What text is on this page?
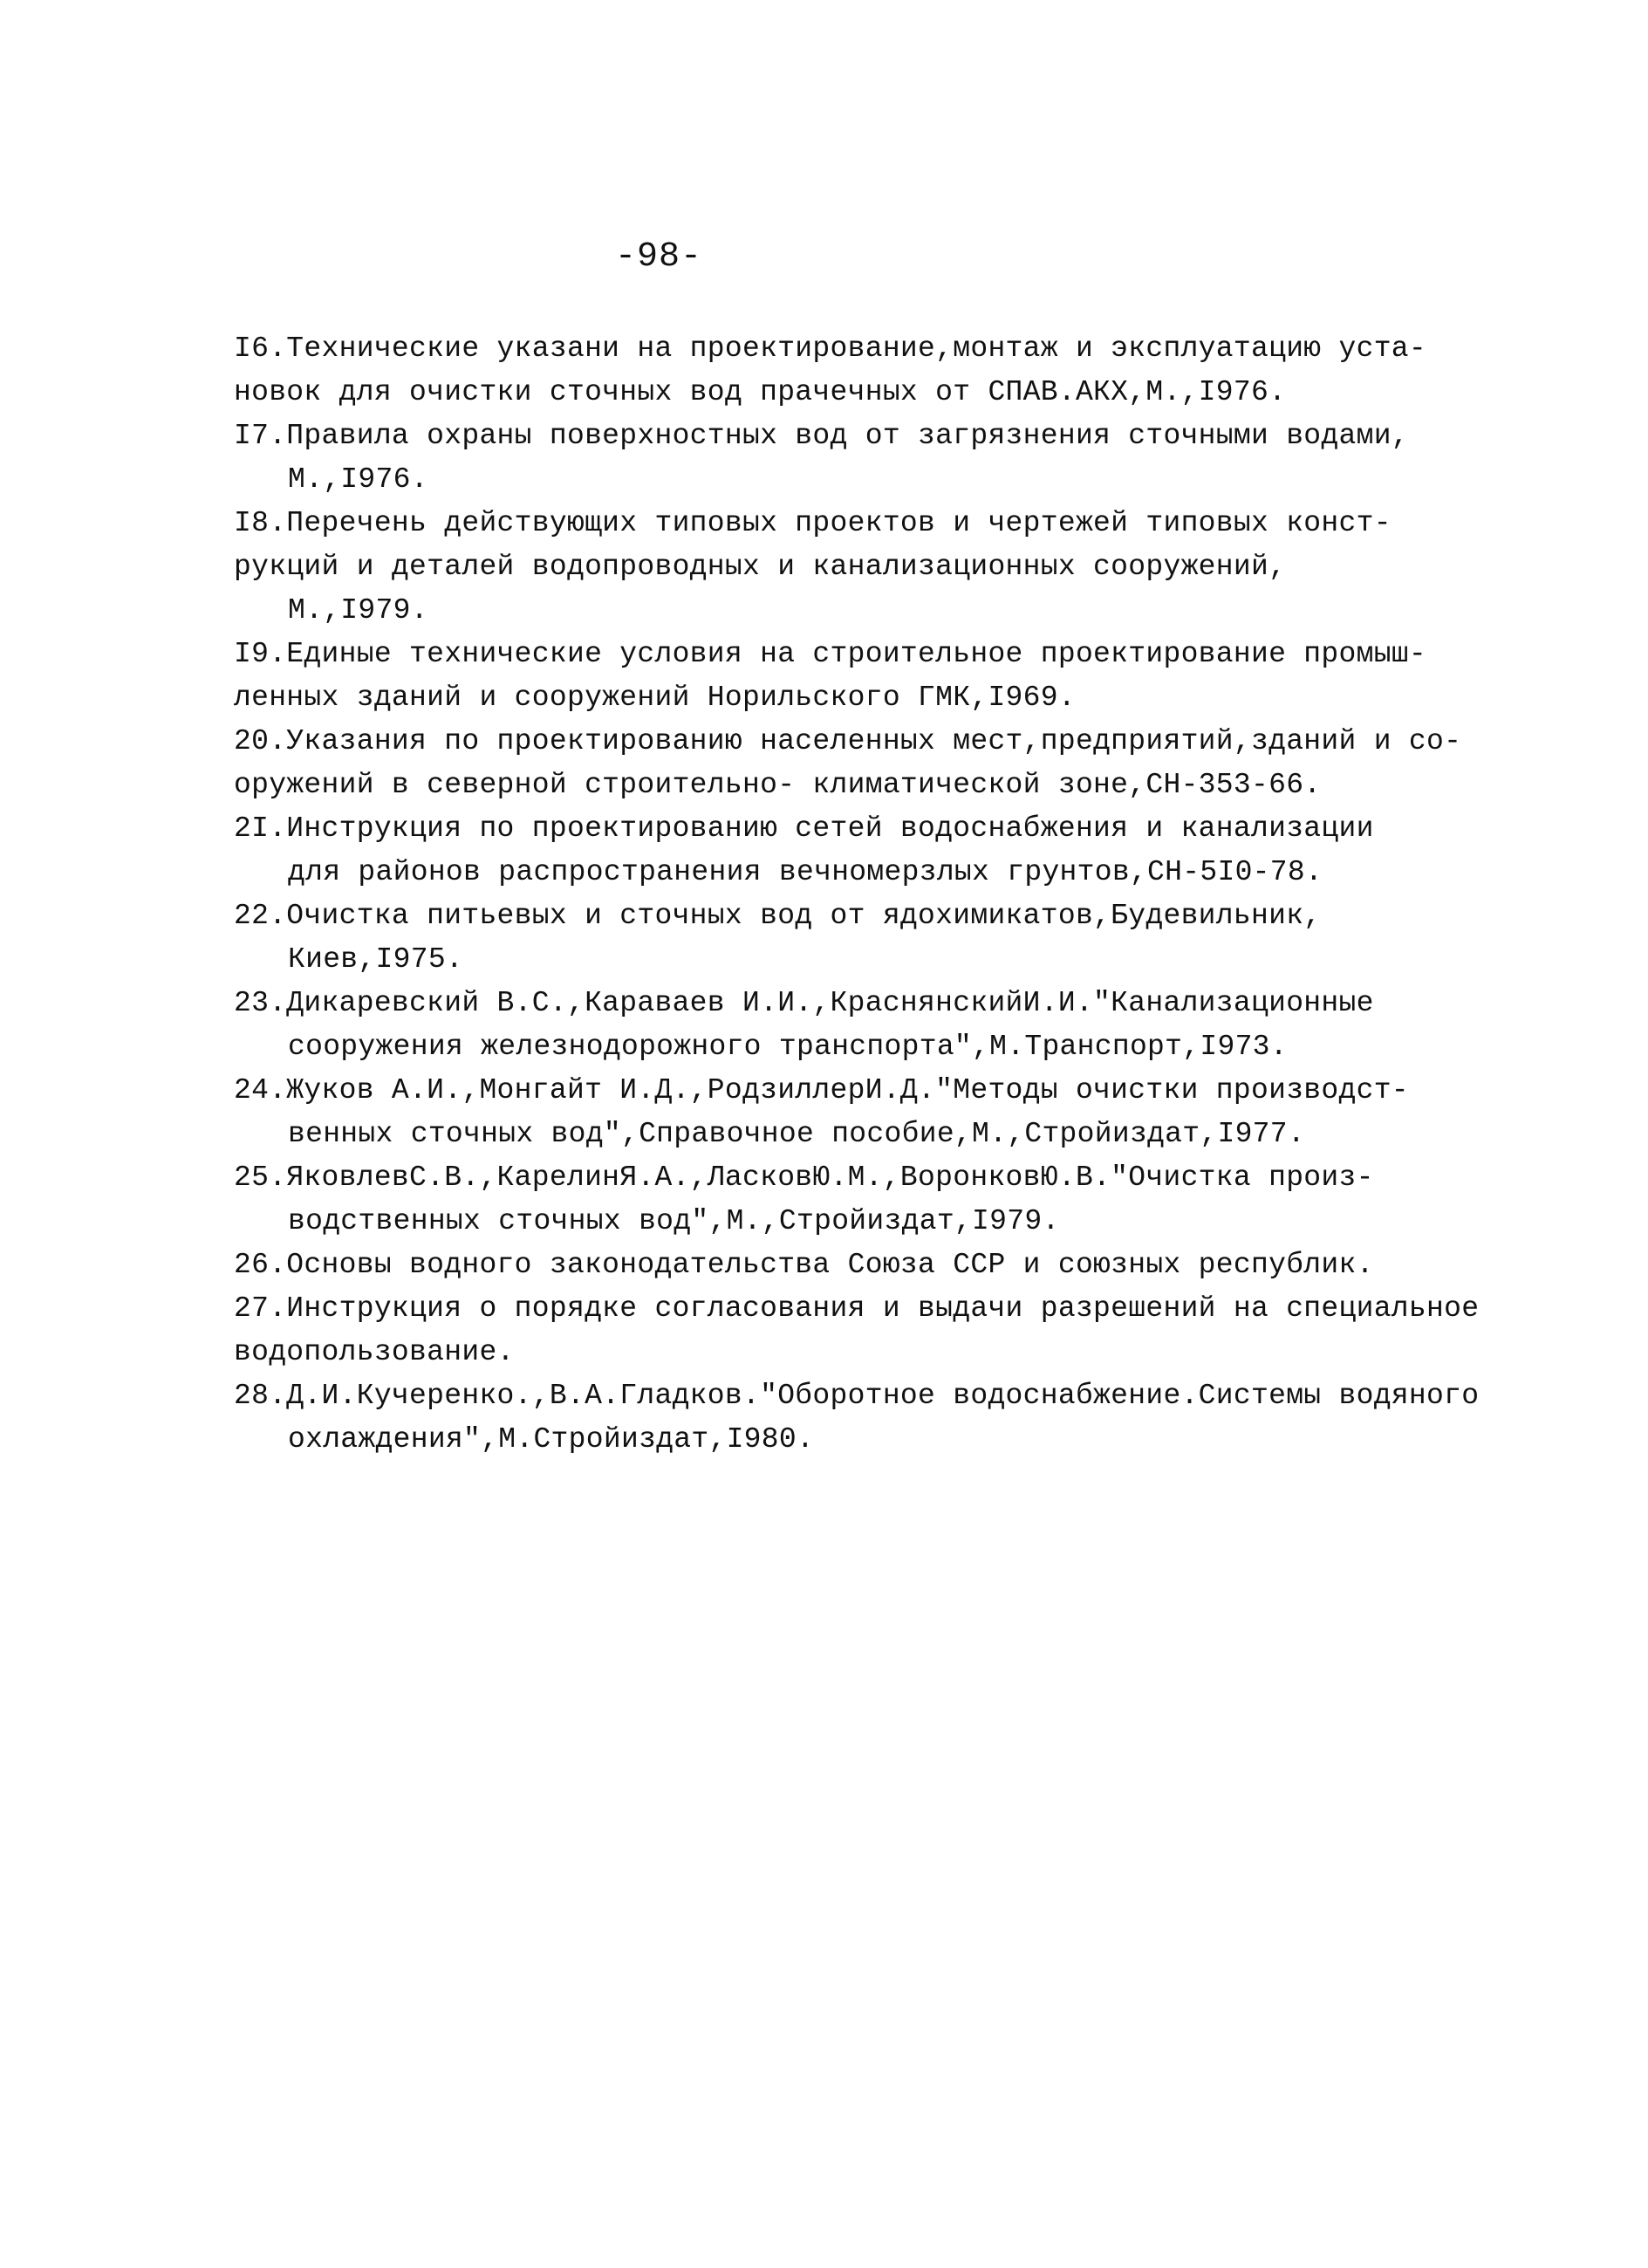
-98-
I6.Технические указани на проектирование,монтаж и эксплуатацию уста-
новок для очистки сточных вод прачечных от СПАВ.АКХ,М.,I976.
I7.Правила охраны поверхностных вод от загрязнения сточными водами,
М.,I976.
I8.Перечень действующих типовых проектов и чертежей типовых конст-
рукций и деталей водопроводных и канализационных сооружений,
М.,I979.
I9.Единые технические условия на строительное проектирование промыш-
ленных зданий и сооружений Норильского ГМК,I969.
20.Указания по проектированию населенных мест,предприятий,зданий и со-
оружений в северной строительно- климатической зоне,СН-353-66.
2I.Инструкция по проектированию сетей водоснабжения и канализации
для районов распространения вечномерзлых грунтов,СН-5I0-78.
22.Очистка питьевых и сточных вод от ядохимикатов,Будевильник,
Киев,I975.
23.Дикаревский В.С.,Караваев И.И.,КраснянскийИ.И."Канализационные
сооружения железнодорожного транспорта",М.Транспорт,I973.
24.Жуков А.И.,Монгайт И.Д.,РодзиллерИ.Д."Методы очистки производст-
венных сточных вод",Справочное пособие,М.,Стройиздат,I977.
25.ЯковлевС.В.,КарелинЯ.А.,ЛасковЮ.М.,ВоронковЮ.В."Очистка произ-
водственных сточных вод",М.,Стройиздат,I979.
26.Основы водного законодательства Союза ССР и союзных республик.
27.Инструкция о порядке согласования и выдачи разрешений на специальное
водопользование.
28.Д.И.Кучеренко.,В.А.Гладков."Оборотное водоснабжение.Системы водяного
охлаждения",М.Стройиздат,I980.
